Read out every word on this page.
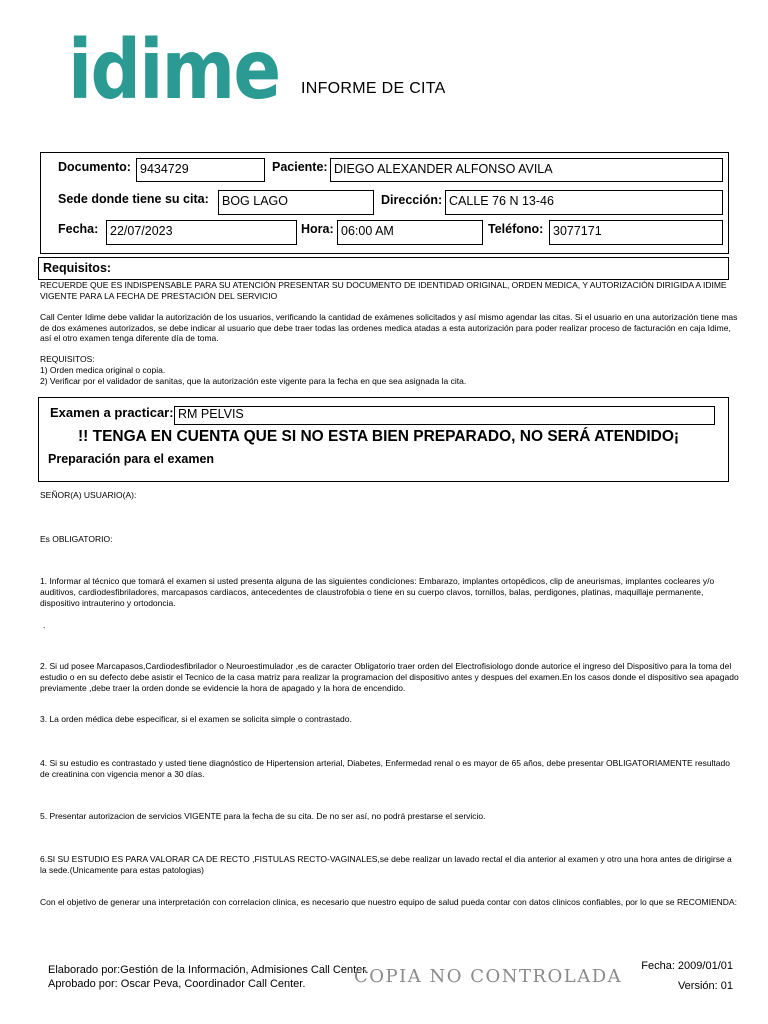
idime INFORME DE CITA
Documento: 9434729	Paciente: DIEGO ALEXANDER ALFONSO AVILA
Sede donde tiene su cita:	BOG LAGO	Dirección: CALLE 76 N 13-46
Fecha: 22/07/2023	Hora: 06:00 AM	Teléfono: 3077171
Requisitos:
RECUERDE QUE ES INDISPENSABLE PARA SU ATENCIÓN PRESENTAR SU DOCUMENTO DE IDENTIDAD ORIGINAL, ORDEN MEDICA, Y AUTORIZACIÓN DIRIGIDA A IDIME VIGENTE PARA LA FECHA DE PRESTACIÓN DEL SERVICIO
Call Center Idime debe validar la autorización de los usuarios, verificando la cantidad de exámenes solicitados y así mismo agendar las citas. Si el usuario en una autorización tiene mas de dos exámenes autorizados, se debe indicar al usuario que debe traer todas las ordenes medica atadas a esta autorización para poder realizar proceso de facturación en caja Idime, así el otro examen tenga diferente día de toma.
REQUISITOS:
1) Orden medica original o copia.
2) Verificar por el validador de sanitas, que la autorización este vigente para la fecha en que sea asignada la cita.
Examen a practicar: RM PELVIS
!! TENGA EN CUENTA QUE SI NO ESTA BIEN PREPARADO, NO SERÁ ATENDIDO¡
Preparación para el examen
SEÑOR(A) USUARIO(A):
Es OBLIGATORIO:
1. Informar al técnico que tomará el examen si usted presenta alguna de las siguientes condiciones: Embarazo, implantes ortopédicos, clip de aneurismas, implantes cocleares y/o auditivos, cardiodesfibriladores, marcapasos cardiacos, antecedentes de claustrofobia o tiene en su cuerpo clavos, tornillos, balas, perdigones, platinas, maquillaje permanente, dispositivo intrauterino y ortodoncia.
.
2. Si ud posee Marcapasos,Cardiodesfibrilador o Neuroestimulador ,es de caracter Obligatorio traer orden del Electrofisiologo donde autorice el ingreso del Dispositivo para la toma del estudio o en su defecto debe asistir el Tecnico de la casa matriz para realizar la programacion del dispositivo antes y despues del examen.En los casos donde el dispositivo sea apagado previamente ,debe traer la orden donde se evidencie la hora de apagado y la hora de encendido.
3. La orden médica debe especificar, si el examen se solicita simple o contrastado.
4. Si su estudio es contrastado y usted tiene diagnóstico de Hipertension arterial, Diabetes, Enfermedad renal o es mayor de 65 años, debe presentar OBLIGATORIAMENTE resultado de creatinina con vigencia menor a 30 días.
5. Presentar autorizacion de servicios VIGENTE para la fecha de su cita. De no ser así, no podrá prestarse el servicio.
6.SI SU ESTUDIO ES PARA VALORAR CA DE RECTO ,FISTULAS RECTO-VAGINALES,se debe realizar un lavado rectal el dia anterior al examen y otro una hora antes de dirigirse a la sede.(Unicamente para estas patologias)
Con el objetivo de generar una interpretación con correlacion clinica, es necesario que nuestro equipo de salud pueda contar con datos clinicos confiables, por lo que se RECOMIENDA:
Elaborado por:Gestión de la Información, Admisiones Call Center.
Aprobado por: Oscar Peva, Coordinador Call Center.	COPIA NO CONTROLADA	Fecha: 2009/01/01
Versión: 01
